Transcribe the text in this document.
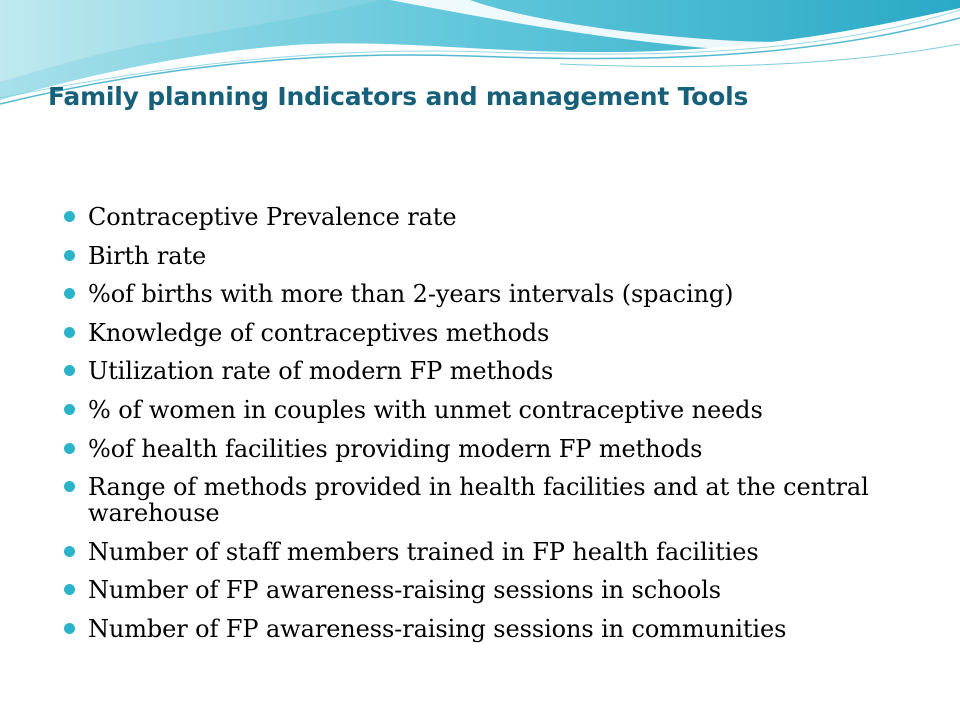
Family planning Indicators and management Tools
Contraceptive Prevalence rate
Birth rate
%of births with more than 2-years intervals (spacing)
Knowledge of contraceptives methods
Utilization rate of modern FP methods
% of women in couples with unmet contraceptive needs
%of health facilities providing modern FP methods
Range of methods provided in health facilities and at the central warehouse
Number of staff members trained in FP health facilities
Number of FP awareness-raising sessions in schools
Number of FP awareness-raising sessions in communities
